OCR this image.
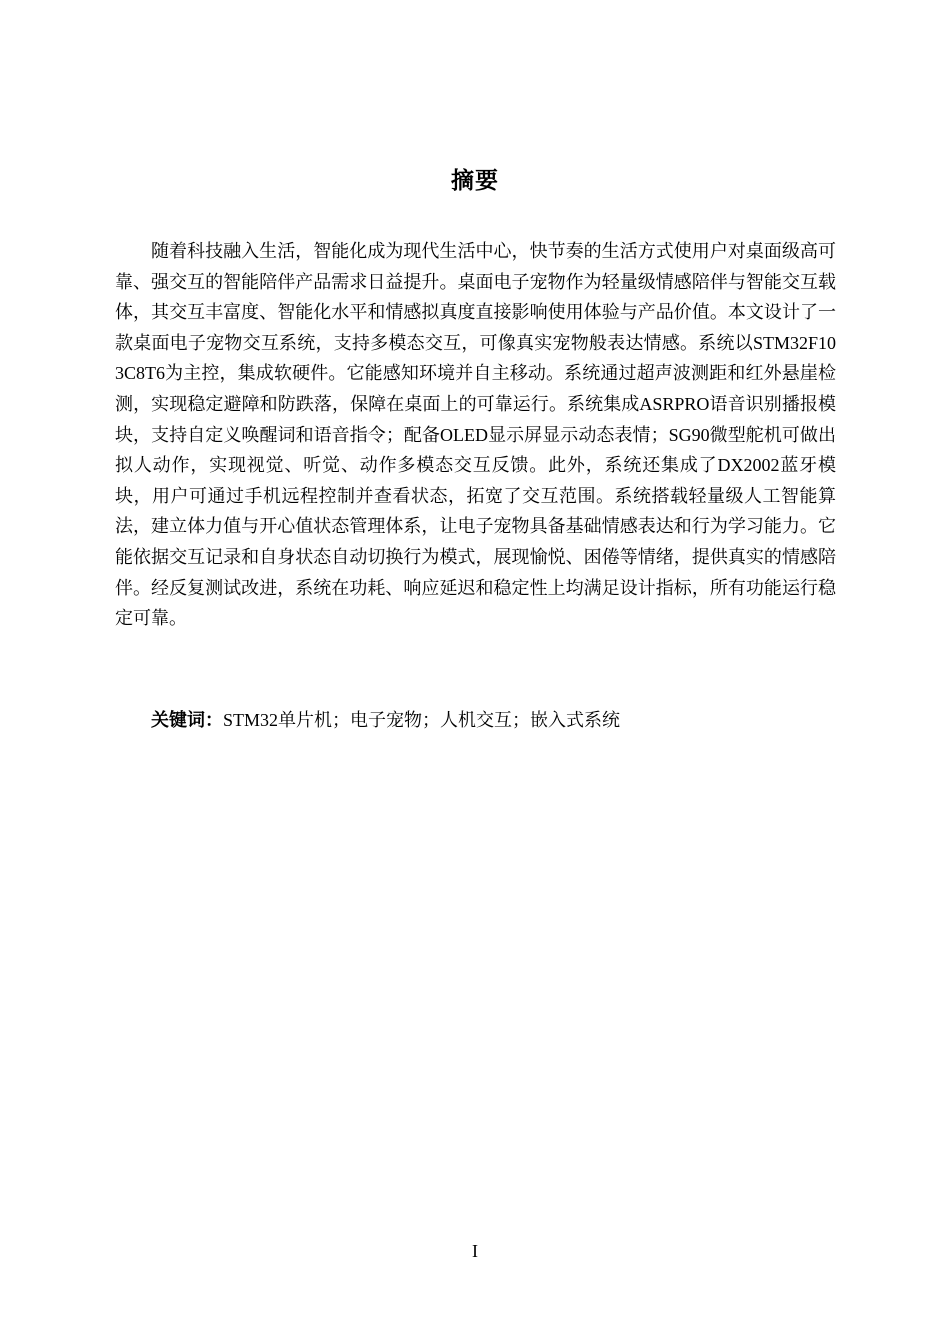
摘要

随着科技融入生活，智能化成为现代生活中心，快节奏的生活方式使用户对桌面级高可靠、强交互的智能陪伴产品需求日益提升。桌面电子宠物作为轻量级情感陪伴与智能交互载体，其交互丰富度、智能化水平和情感拟真度直接影响使用体验与产品价值。本文设计了一款桌面电子宠物交互系统，支持多模态交互，可像真实宠物般表达情感。系统以STM32F103C8T6为主控，集成软硬件。它能感知环境并自主移动。系统通过超声波测距和红外悬崖检测，实现稳定避障和防跌落，保障在桌面上的可靠运行。系统集成ASRPRO语音识别播报模块，支持自定义唤醒词和语音指令；配备OLED显示屏显示动态表情；SG90微型舵机可做出拟人动作，实现视觉、听觉、动作多模态交互反馈。此外，系统还集成了DX2002蓝牙模块，用户可通过手机远程控制并查看状态，拓宽了交互范围。系统搭载轻量级人工智能算法，建立体力值与开心值状态管理体系，让电子宠物具备基础情感表达和行为学习能力。它能依据交互记录和自身状态自动切换行为模式，展现愉悦、困倦等情绪，提供真实的情感陪伴。经反复测试改进，系统在功耗、响应延迟和稳定性上均满足设计指标，所有功能运行稳定可靠。

关键词：STM32单片机；电子宠物；人机交互；嵌入式系统

I
